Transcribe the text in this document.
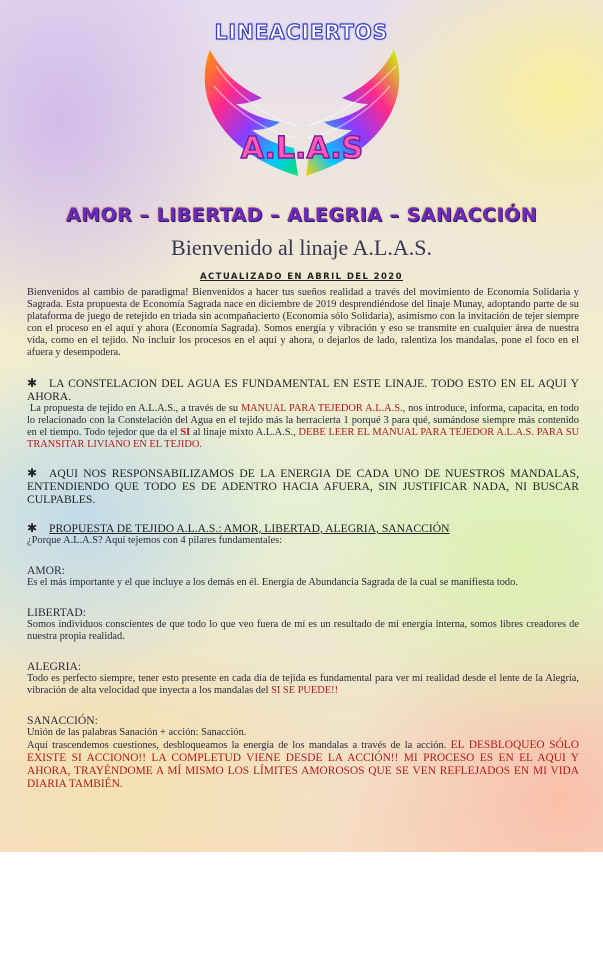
LINEACIERTOS
A.L.A.S
AMOR – LIBERTAD – ALEGRIA – SANACCIÓN
Bienvenido al linaje A.L.A.S.
ACTUALIZADO EN ABRIL DEL 2020

Bienvenidos al cambio de paradigma! Bienvenidos a hacer tus sueños realidad a través del movimiento de Economía Solidaria y Sagrada. Esta propuesta de Economía Sagrada nace en diciembre de 2019 desprendiéndose del linaje Munay, adoptando parte de su plataforma de juego de retejido en triada sin acompañacierto (Economía sólo Solidaria), asimismo con la invitación de tejer siempre con el proceso en el aquí y ahora (Economía Sagrada). Somos energía y vibración y eso se transmite en cualquier área de nuestra vida, como en el tejido. No incluir los procesos en el aquí y ahora, o dejarlos de lado, ralentiza los mandalas, pone el foco en el afuera y desempodera.

✱ LA CONSTELACION DEL AGUA ES FUNDAMENTAL EN ESTE LINAJE. TODO ESTO EN EL AQUI Y AHORA.

La propuesta de tejido en A.L.A.S., a través de su MANUAL PARA TEJEDOR A.L.A.S., nos introduce, informa, capacita, en todo lo relacionado con la Constelación del Agua en el tejido más la herracierta 1 porqué 3 para qué, sumándose siempre más contenido en el tiempo. Todo tejedor que da el SI al linaje mixto A.L.A.S., DEBE LEER EL MANUAL PARA TEJEDOR A.L.A.S. PARA SU TRANSITAR LIVIANO EN EL TEJIDO.

✱ AQUI NOS RESPONSABILIZAMOS DE LA ENERGIA DE CADA UNO DE NUESTROS MANDALAS, ENTENDIENDO QUE TODO ES DE ADENTRO HACIA AFUERA, SIN JUSTIFICAR NADA, NI BUSCAR CULPABLES.
✱ PROPUESTA DE TEJIDO A.L.A.S.: AMOR, LIBERTAD, ALEGRIA, SANACCIÓN

¿Porque A.L.A.S? Aquí tejemos con 4 pilares fundamentales:

AMOR:

Es el más importante y el que incluye a los demás en él. Energía de Abundancia Sagrada de la cual se manifiesta todo.

LIBERTAD:

Somos individuos conscientes de que todo lo que veo fuera de mí es un resultado de mi energía interna, somos libres creadores de nuestra propia realidad.

ALEGRIA:

Todo es perfecto siempre, tener esto presente en cada día de tejida es fundamental para ver mi realidad desde el lente de la Alegría, vibración de alta velocidad que inyecta a los mandalas del SI SE PUEDE!!

SANACCIÓN:

Unión de las palabras Sanación + acción: Sanacción.

Aquí trascendemos cuestiones, desbloqueamos la energía de los mandalas a través de la acción. EL DESBLOQUEO SÓLO EXISTE SI ACCIONO!! LA COMPLETUD VIENE DESDE LA ACCIÓN!! MI PROCESO ES EN EL AQUI Y AHORA, TRAYÉNDOME A MÍ MISMO LOS LÍMITES AMOROSOS QUE SE VEN REFLEJADOS EN MI VIDA DIARIA TAMBIÉN.
